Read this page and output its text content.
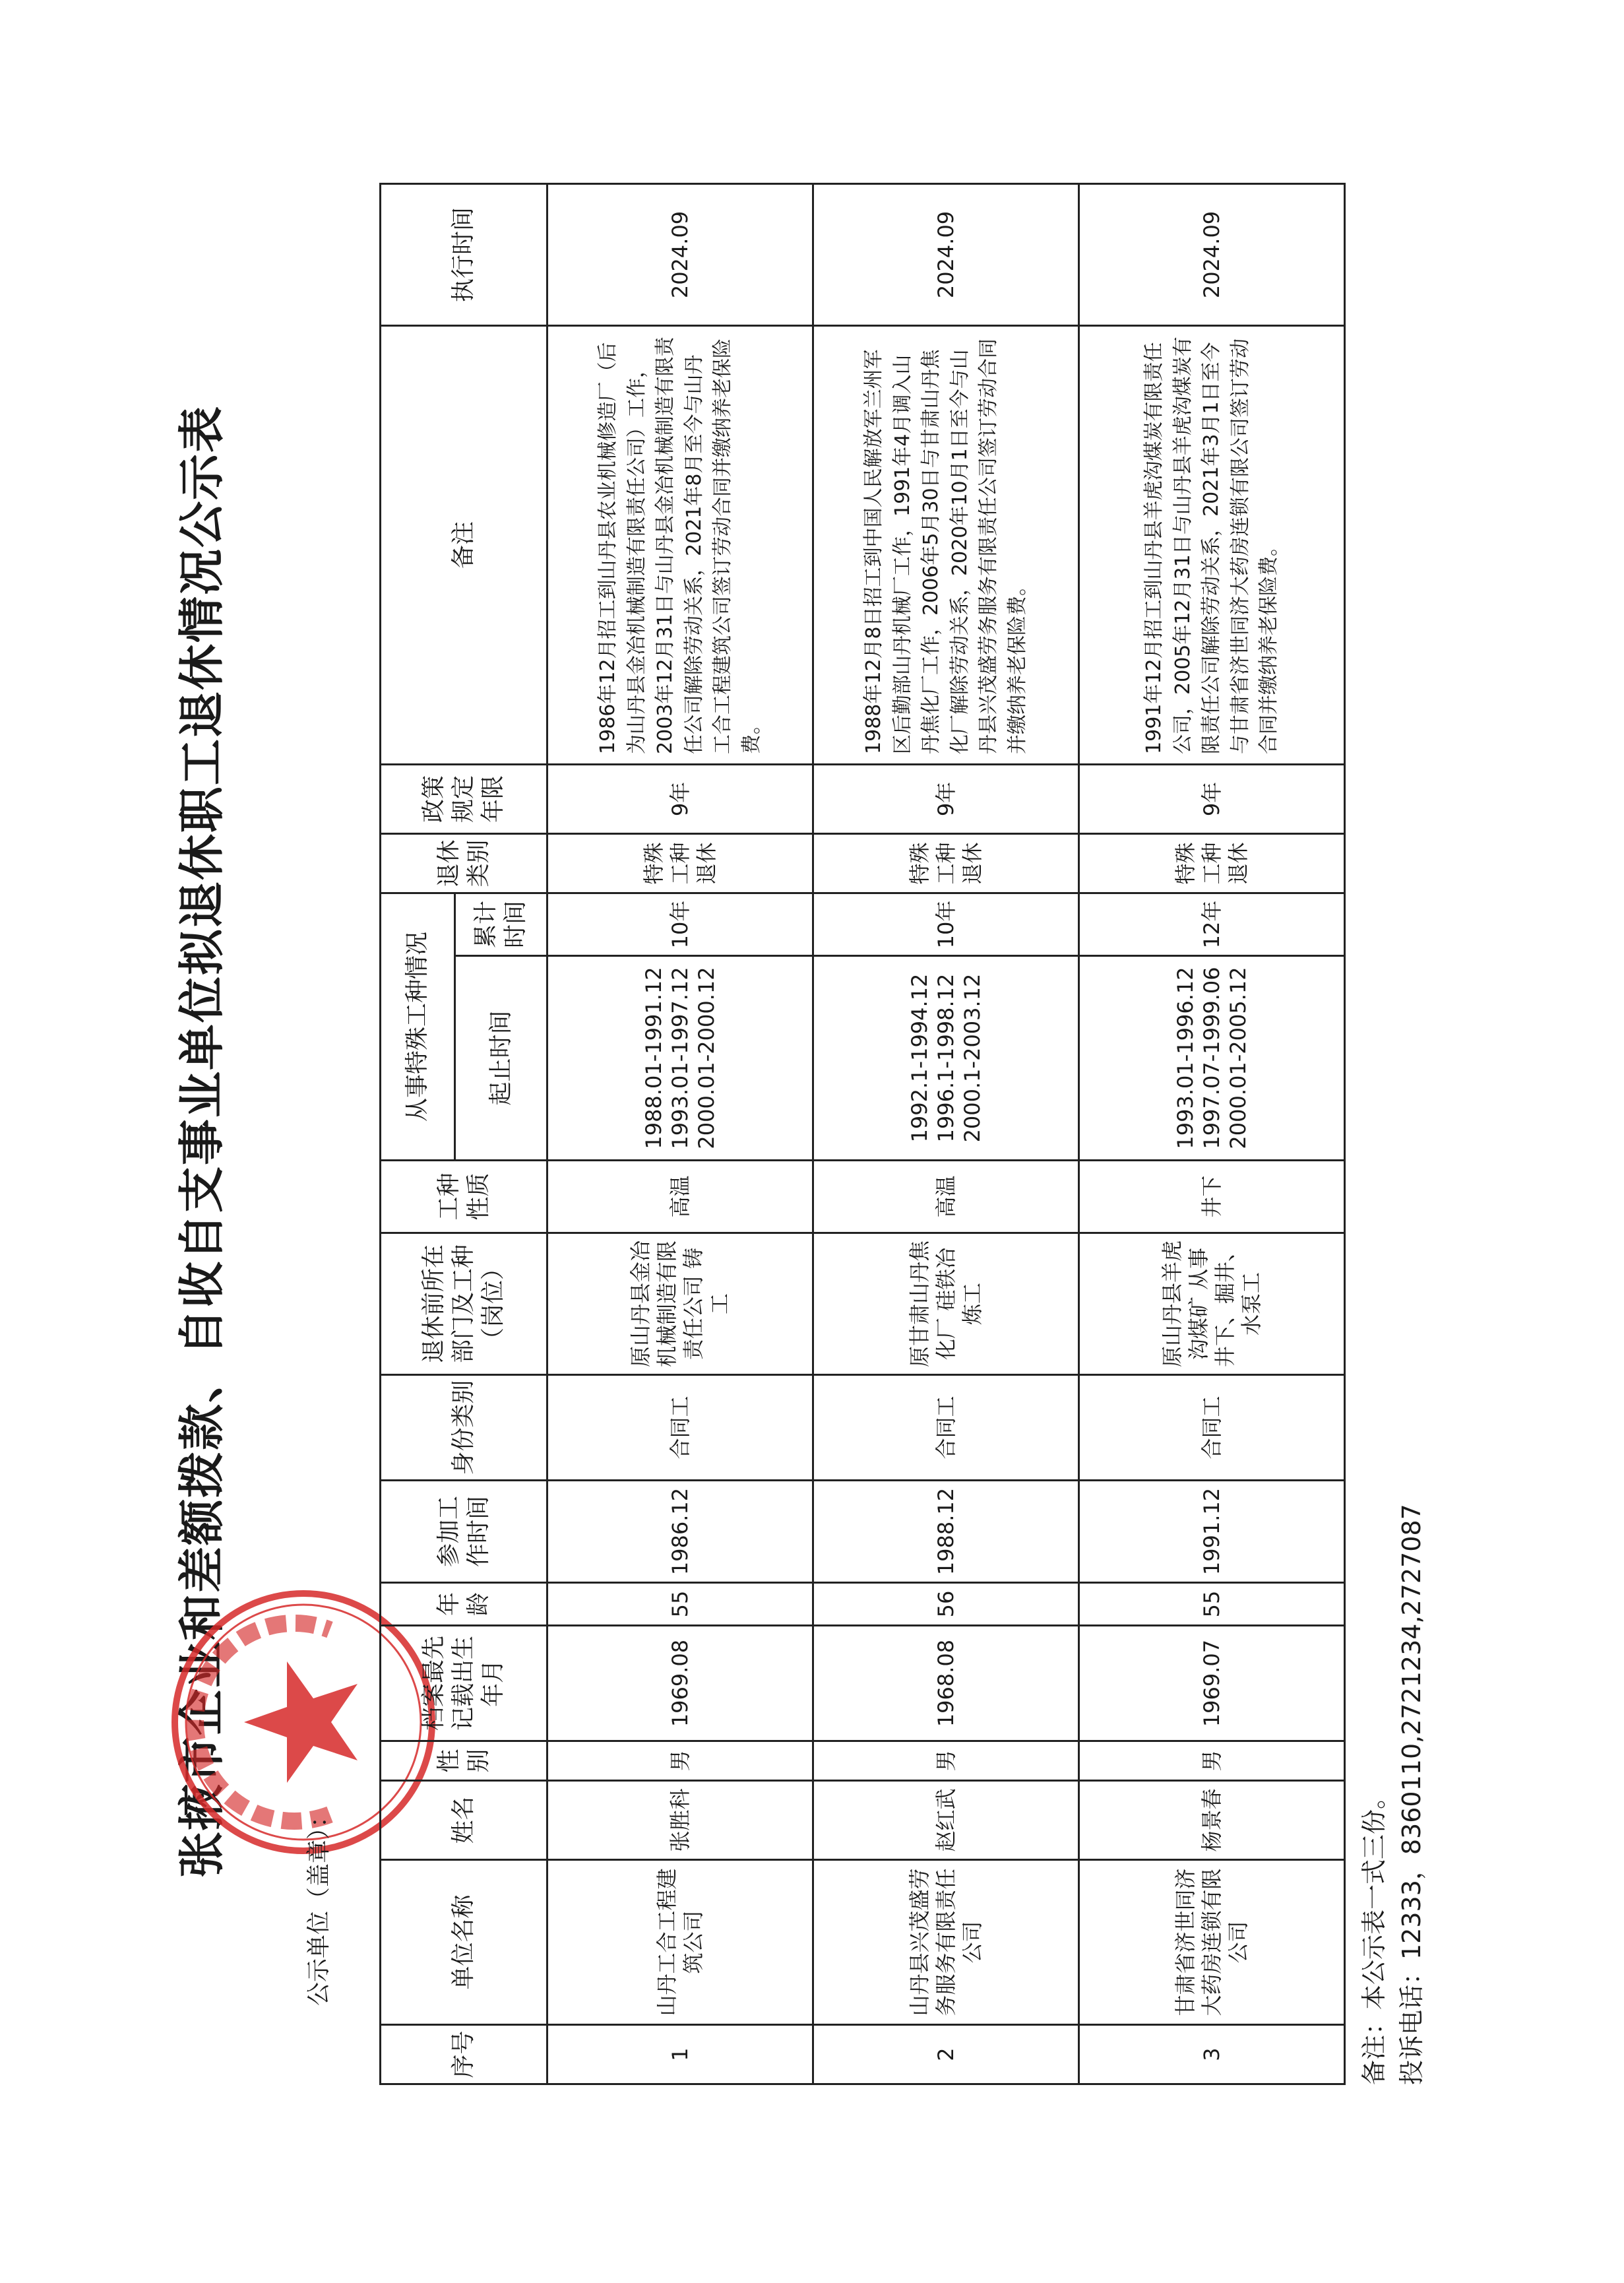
张掖市企业和差额拨款、自收自支事业单位拟退休职工退休情况公示表
公示单位（盖章）：
序号	单位名称	姓名	性别	档案最先记载出生年月	年龄	参加工作时间	身份类别	退休前所在部门及工种（岗位）	工种性质	从事特殊工种情况		退休类别	政策规定年限	备注	执行时间
										起止时间	累计时间				
1	山丹工合工程建筑公司	张胜科	男	1969.08	55	1986.12	合同工	原山丹县金冶机械制造有限责任公司 铸工	高温	1988.01-1991.12 1993.01-1997.12 2000.01-2000.12	10年	特殊工种退休	9年	1986年12月招工到山丹县农业机械修造厂（后为山丹县金冶机械制造有限责任公司）工作，2003年12月31日与山丹县金冶机械制造有限责任公司解除劳动关系，2021年8月至今与山丹工合工程建筑公司签订劳动合同并缴纳养老保险费。	2024.09
2	山丹县兴茂盛劳务服务有限责任公司	赵红武	男	1968.08	56	1988.12	合同工	原甘肃山丹焦化厂 硅铁冶炼工	高温	1992.1-1994.12 1996.1-1998.12 2000.1-2003.12	10年	特殊工种退休	9年	1988年12月8日招工到中国人民解放军兰州军区后勤部山丹机械厂工作，1991年4月调入山丹焦化厂工作，2006年5月30日与甘肃山丹焦化厂解除劳动关系，2020年10月1日至今与山丹县兴茂盛劳务服务有限责任公司签订劳动合同并缴纳养老保险费。	2024.09
3	甘肃省济世同济大药房连锁有限公司	杨景春	男	1969.07	55	1991.12	合同工	原山丹县羊虎沟煤矿 从事井下、掘井、水泵工	井下	1993.01-1996.12 1997.07-1999.06 2000.01-2005.12	12年	特殊工种退休	9年	1991年12月招工到山丹县羊虎沟煤炭有限责任公司，2005年12月31日与山丹县羊虎沟煤炭有限责任公司解除劳动关系，2021年3月1日至今与甘肃省济世同济大药房连锁有限公司签订劳动合同并缴纳养老保险费。	2024.09
备注：本公示表一式三份。 投诉电话：12333，8360110,2721234,2727087
